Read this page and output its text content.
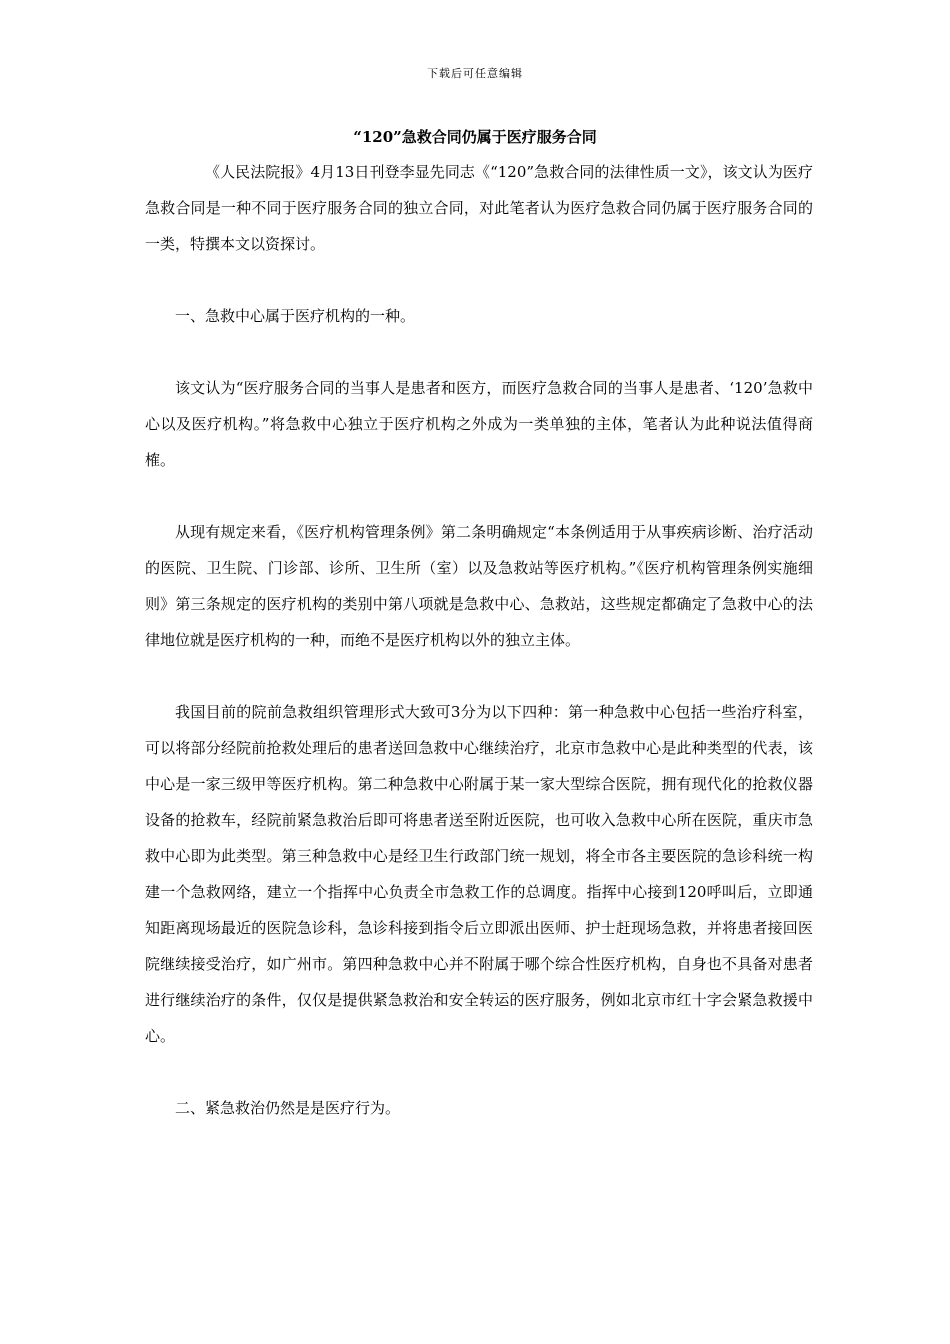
下载后可任意编辑
“120”急救合同仍属于医疗服务合同

《人民法院报》4月13日刊登李显先同志《“120”急救合同的法律性质一文》，该文认为医疗急救合同是一种不同于医疗服务合同的独立合同，对此笔者认为医疗急救合同仍属于医疗服务合同的一类，特撰本文以资探讨。

一、急救中心属于医疗机构的一种。

该文认为“医疗服务合同的当事人是患者和医方，而医疗急救合同的当事人是患者、‘120’急救中心以及医疗机构。”将急救中心独立于医疗机构之外成为一类单独的主体，笔者认为此种说法值得商榷。

从现有规定来看，《医疗机构管理条例》第二条明确规定“本条例适用于从事疾病诊断、治疗活动的医院、卫生院、门诊部、诊所、卫生所（室）以及急救站等医疗机构。”《医疗机构管理条例实施细则》第三条规定的医疗机构的类别中第八项就是急救中心、急救站，这些规定都确定了急救中心的法律地位就是医疗机构的一种，而绝不是医疗机构以外的独立主体。

我国目前的院前急救组织管理形式大致可3分为以下四种：第一种急救中心包括一些治疗科室，可以将部分经院前抢救处理后的患者送回急救中心继续治疗，北京市急救中心是此种类型的代表，该中心是一家三级甲等医疗机构。第二种急救中心附属于某一家大型综合医院，拥有现代化的抢救仪器设备的抢救车，经院前紧急救治后即可将患者送至附近医院，也可收入急救中心所在医院，重庆市急救中心即为此类型。第三种急救中心是经卫生行政部门统一规划，将全市各主要医院的急诊科统一构建一个急救网络，建立一个指挥中心负责全市急救工作的总调度。指挥中心接到120呼叫后，立即通知距离现场最近的医院急诊科，急诊科接到指令后立即派出医师、护士赶现场急救，并将患者接回医院继续接受治疗，如广州市。第四种急救中心并不附属于哪个综合性医疗机构，自身也不具备对患者进行继续治疗的条件，仅仅是提供紧急救治和安全转运的医疗服务，例如北京市红十字会紧急救援中心。

二、紧急救治仍然是是医疗行为。
